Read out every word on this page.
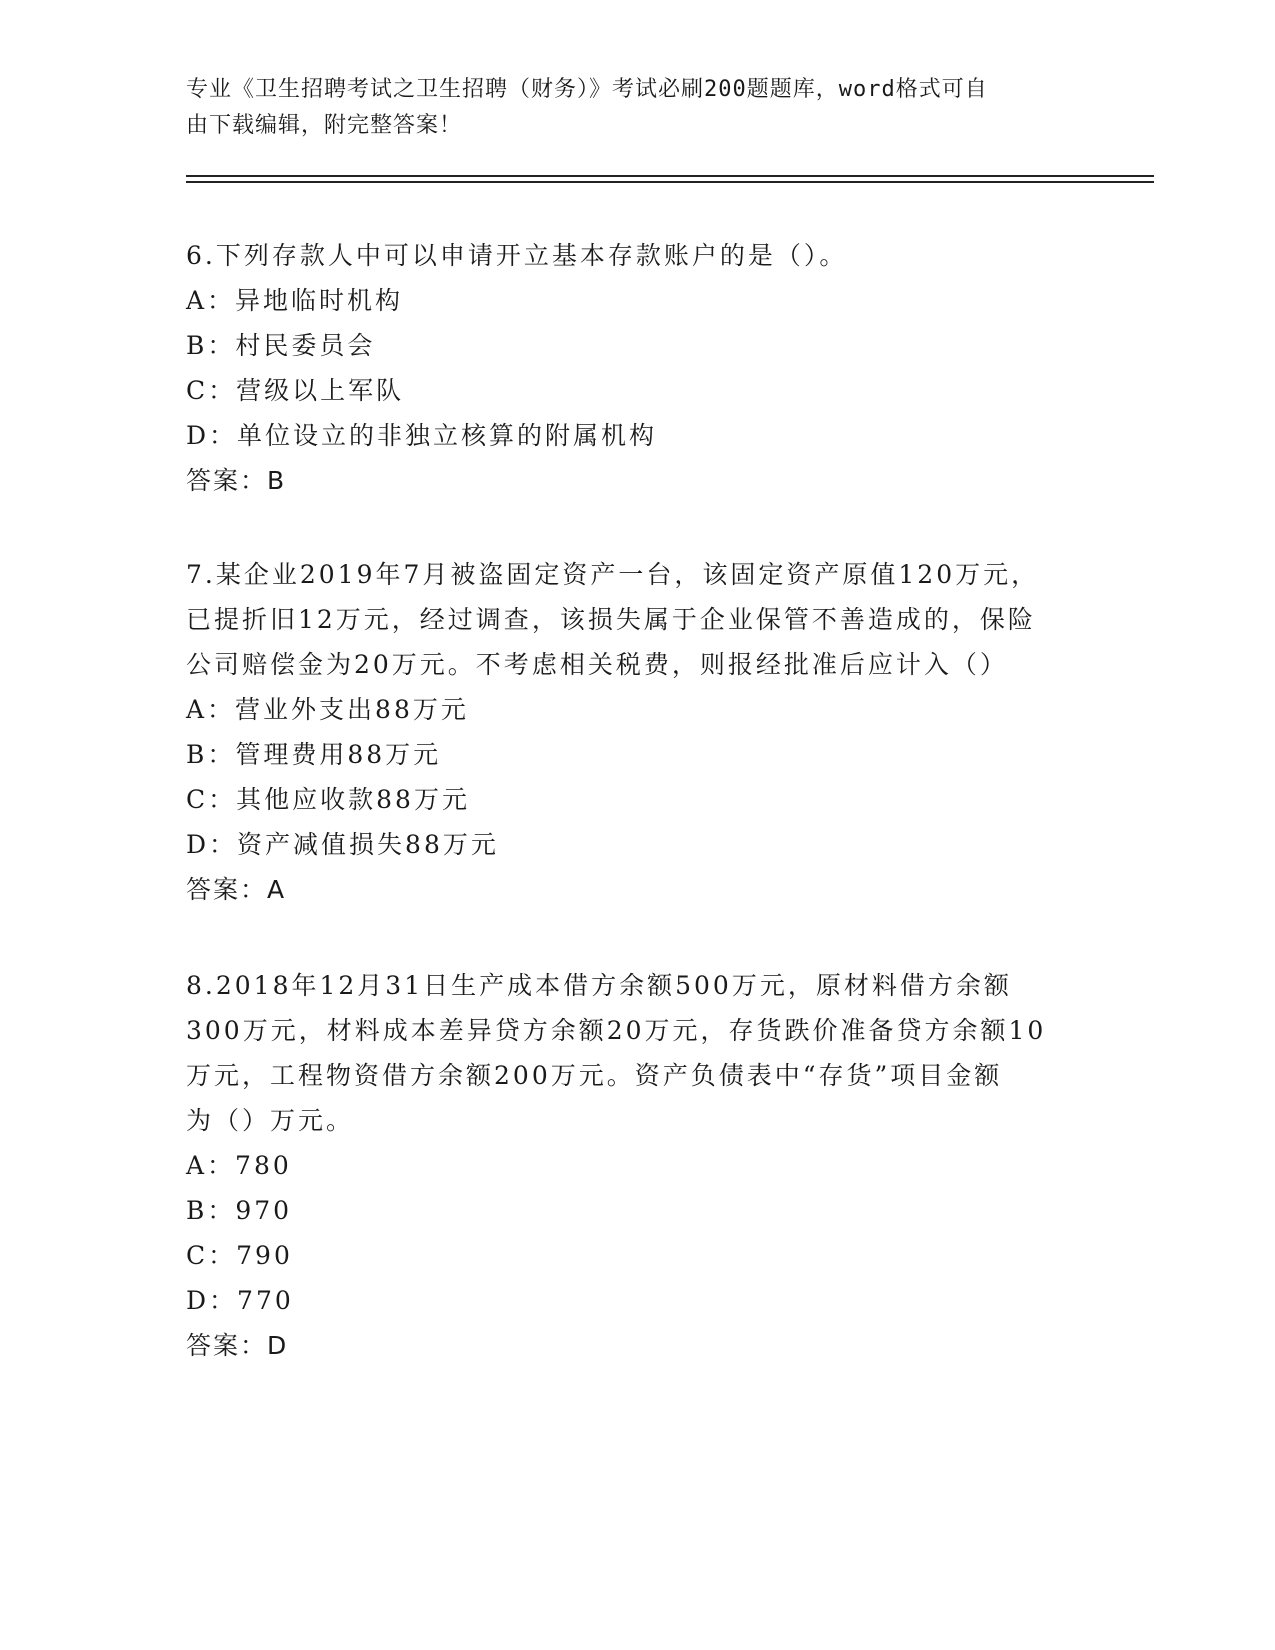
专业《卫生招聘考试之卫生招聘（财务）》考试必刷200题题库，word格式可自
由下载编辑，附完整答案！

6.下列存款人中可以申请开立基本存款账户的是（）。

A：异地临时机构

B：村民委员会

C：营级以上军队

D：单位设立的非独立核算的附属机构

答案：B

7.某企业2019年7月被盗固定资产一台，该固定资产原值120万元，

已提折旧12万元，经过调查，该损失属于企业保管不善造成的，保险

公司赔偿金为20万元。不考虑相关税费，则报经批准后应计入（）

A：营业外支出88万元

B：管理费用88万元

C：其他应收款88万元

D：资产减值损失88万元

答案：A

8.2018年12月31日生产成本借方余额500万元，原材料借方余额

300万元，材料成本差异贷方余额20万元，存货跌价准备贷方余额10

万元，工程物资借方余额200万元。资产负债表中“存货”项目金额

为（）万元。

A：780

B：970

C：790

D：770

答案：D
